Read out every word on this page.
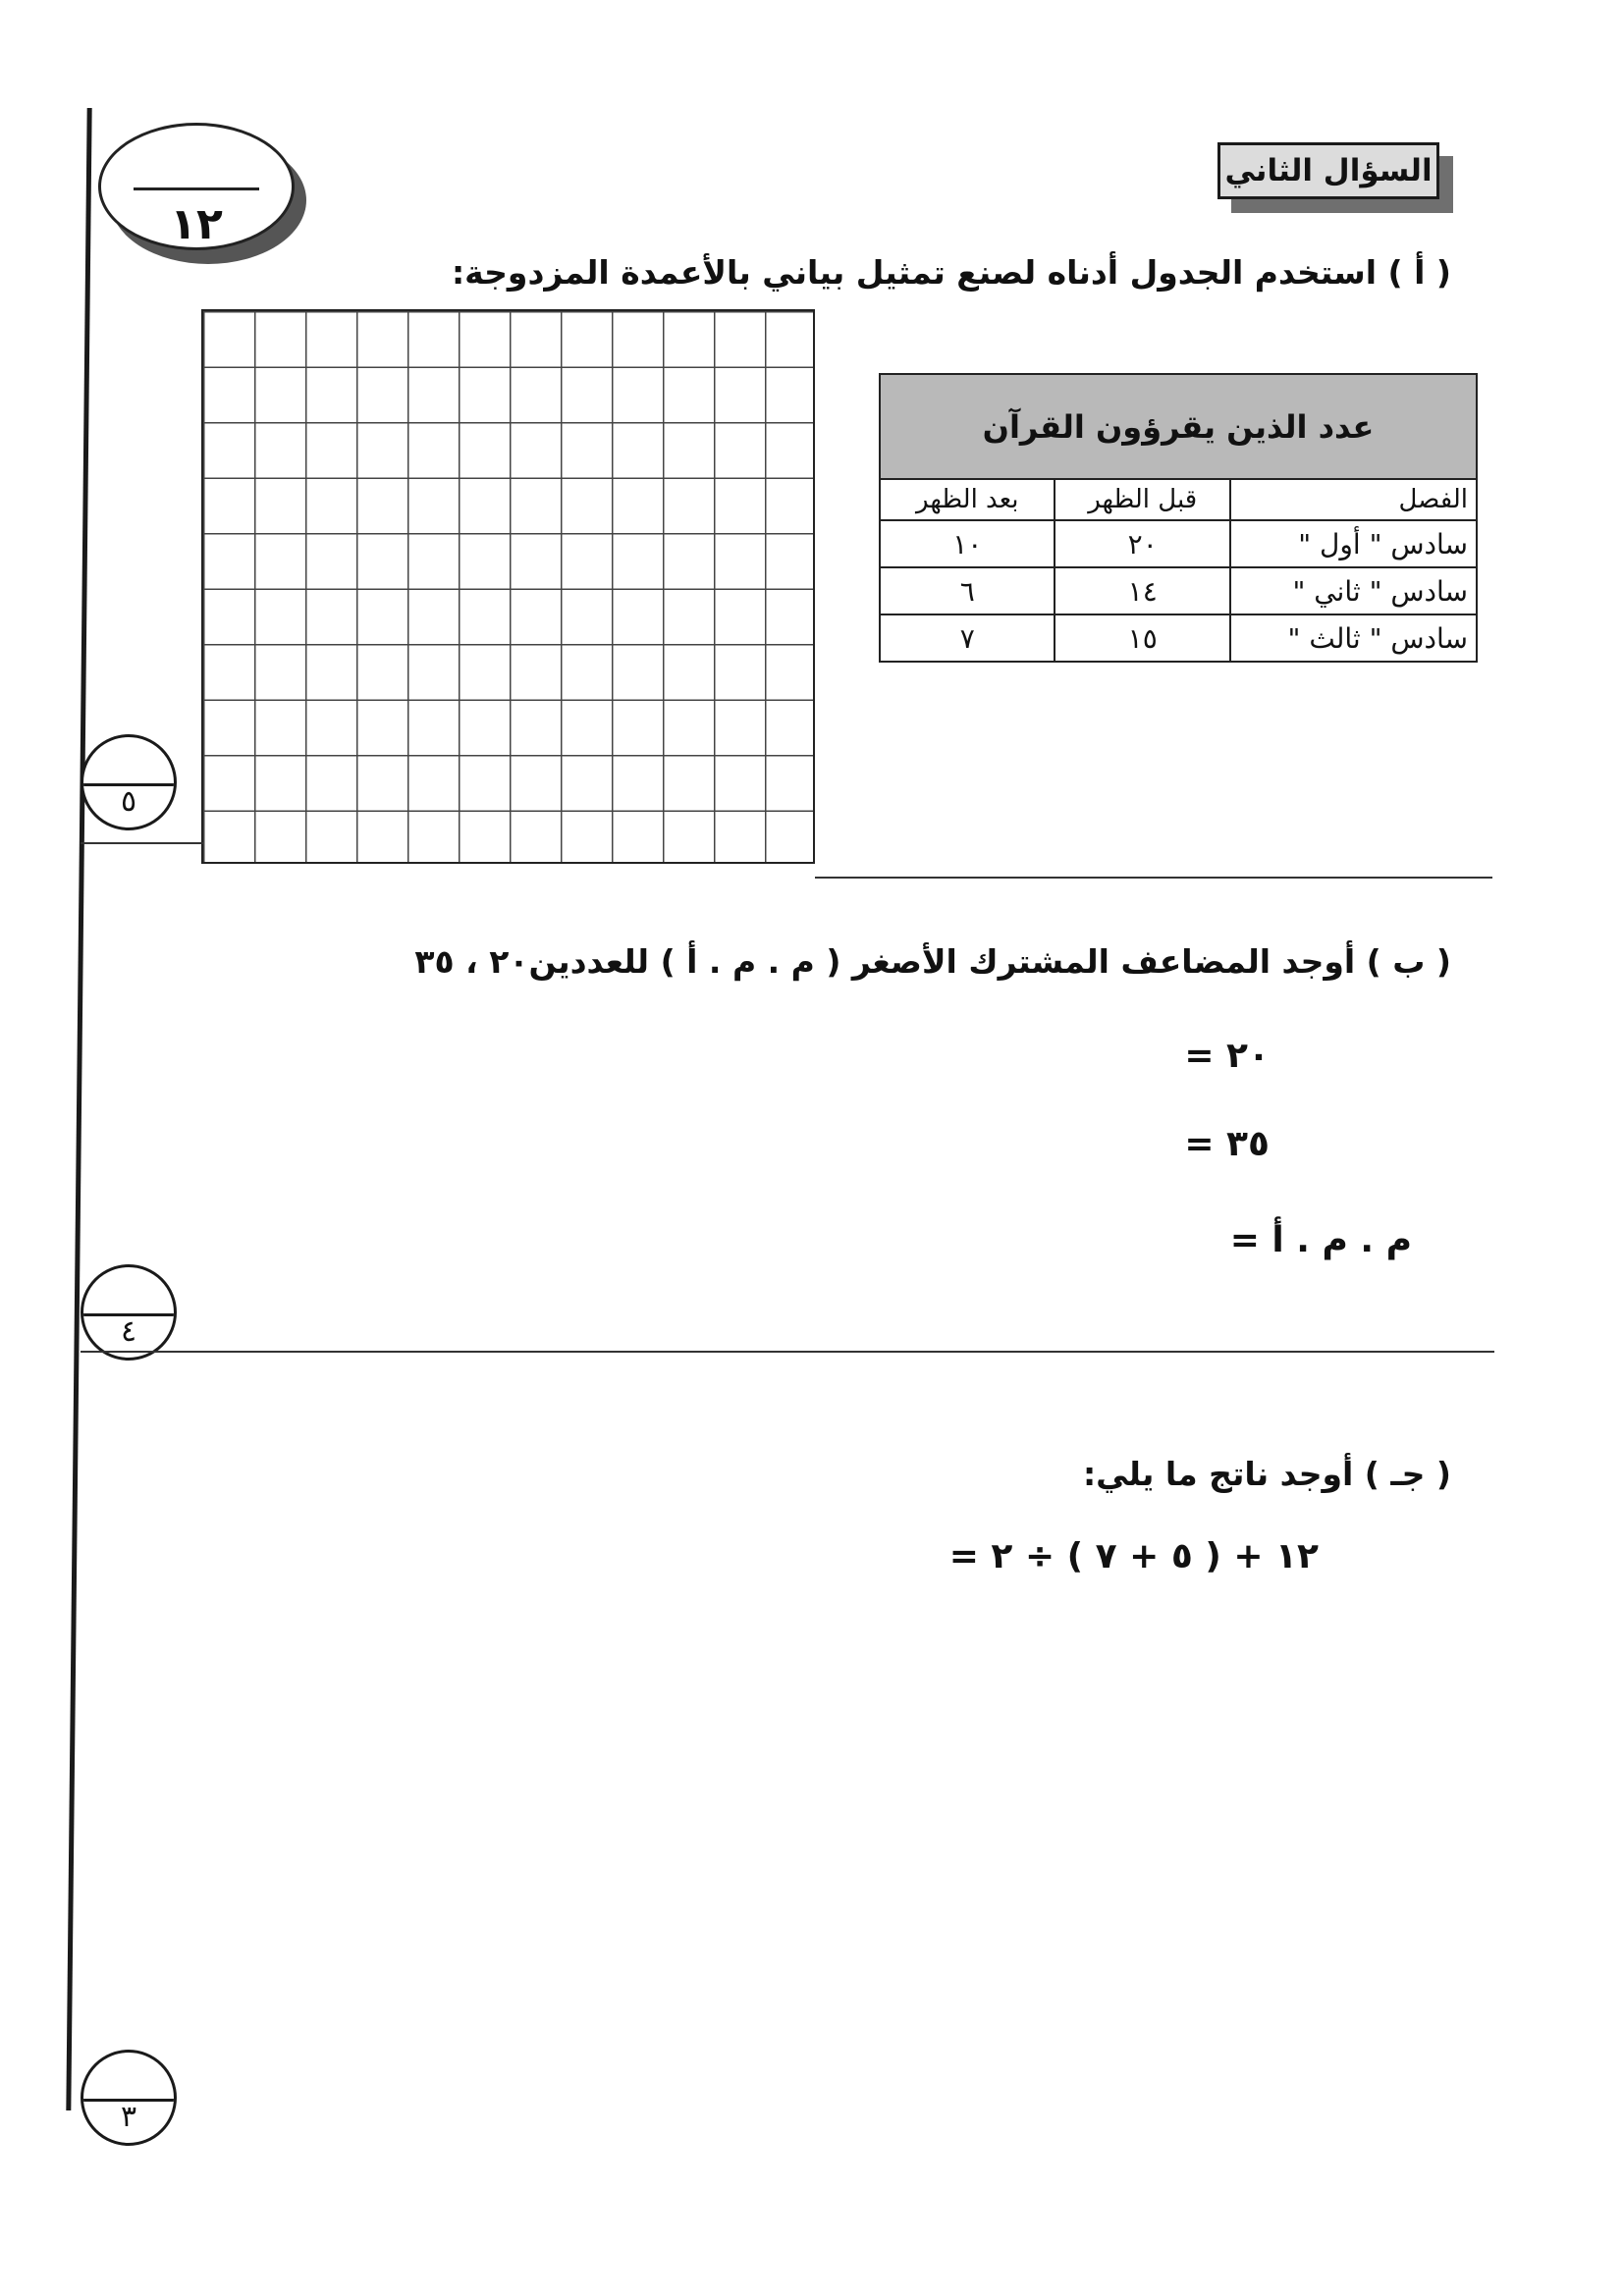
١٢
السؤال الثاني
( أ ) استخدم الجدول أدناه لصنع تمثيل بياني بالأعمدة المزدوجة:
عدد الذين يقرؤون القرآن
الفصل	قبل الظهر	بعد الظهر
سادس " أول "	٢٠	١٠
سادس " ثاني "	١٤	٦
سادس " ثالث "	١٥	٧
٥
( ب ) أوجد المضاعف المشترك الأصغر ( م . م . أ ) للعددين٢٠ ، ٣٥
٢٠ =
٣٥ =
م . م . أ =
٤
( جـ ) أوجد ناتج ما يلي:
١٢ + ( ٥ + ٧ ) ÷ ٢ =
٣
